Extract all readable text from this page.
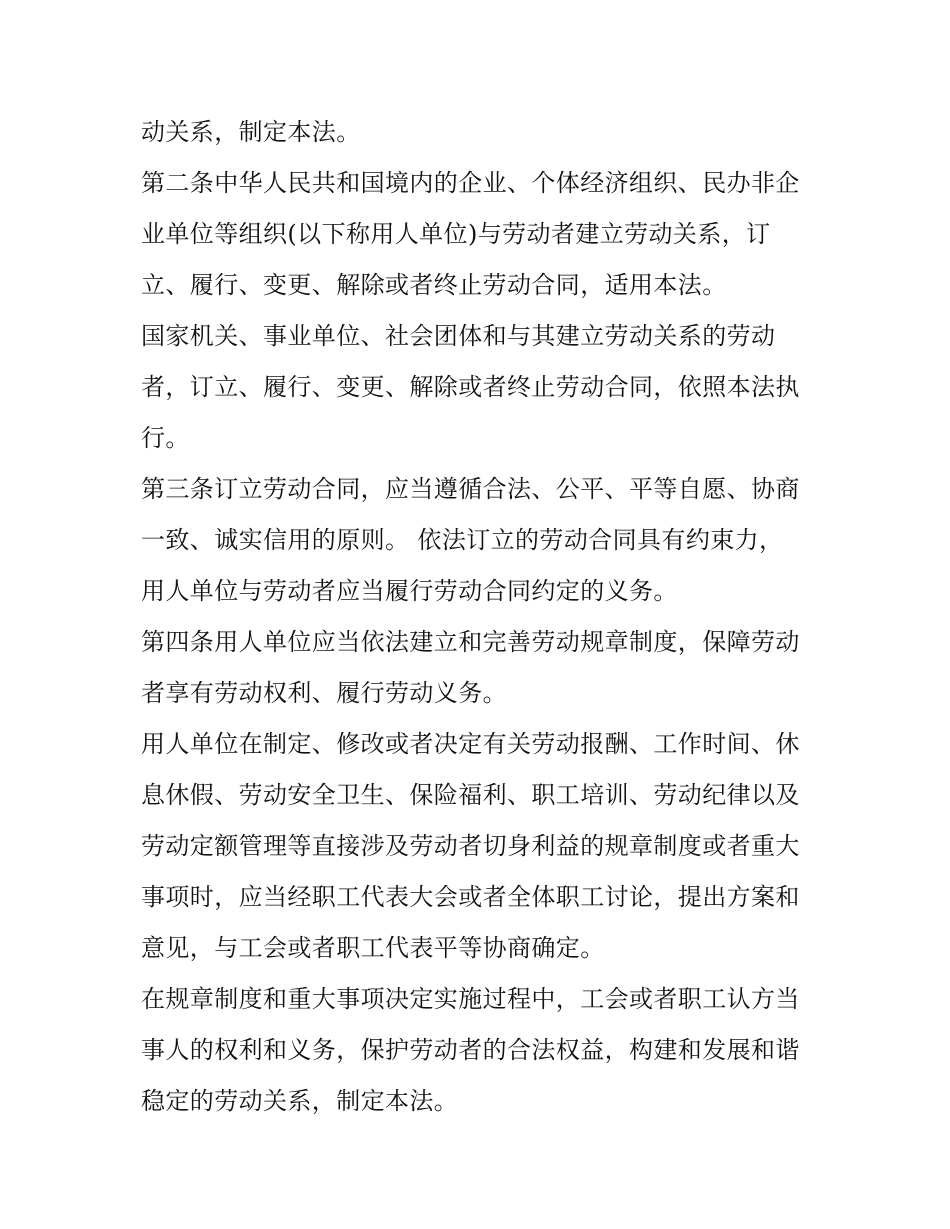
动关系，制定本法。
第二条中华人民共和国境内的企业、个体经济组织、民办非企
业单位等组织(以下称用人单位)与劳动者建立劳动关系，订
立、履行、变更、解除或者终止劳动合同，适用本法。
国家机关、事业单位、社会团体和与其建立劳动关系的劳动
者，订立、履行、变更、解除或者终止劳动合同，依照本法执
行。
第三条订立劳动合同，应当遵循合法、公平、平等自愿、协商
一致、诚实信用的原则。 依法订立的劳动合同具有约束力，
用人单位与劳动者应当履行劳动合同约定的义务。
第四条用人单位应当依法建立和完善劳动规章制度，保障劳动
者享有劳动权利、履行劳动义务。
用人单位在制定、修改或者决定有关劳动报酬、工作时间、休
息休假、劳动安全卫生、保险福利、职工培训、劳动纪律以及
劳动定额管理等直接涉及劳动者切身利益的规章制度或者重大
事项时，应当经职工代表大会或者全体职工讨论，提出方案和
意见，与工会或者职工代表平等协商确定。
在规章制度和重大事项决定实施过程中，工会或者职工认方当
事人的权利和义务，保护劳动者的合法权益，构建和发展和谐
稳定的劳动关系，制定本法。
